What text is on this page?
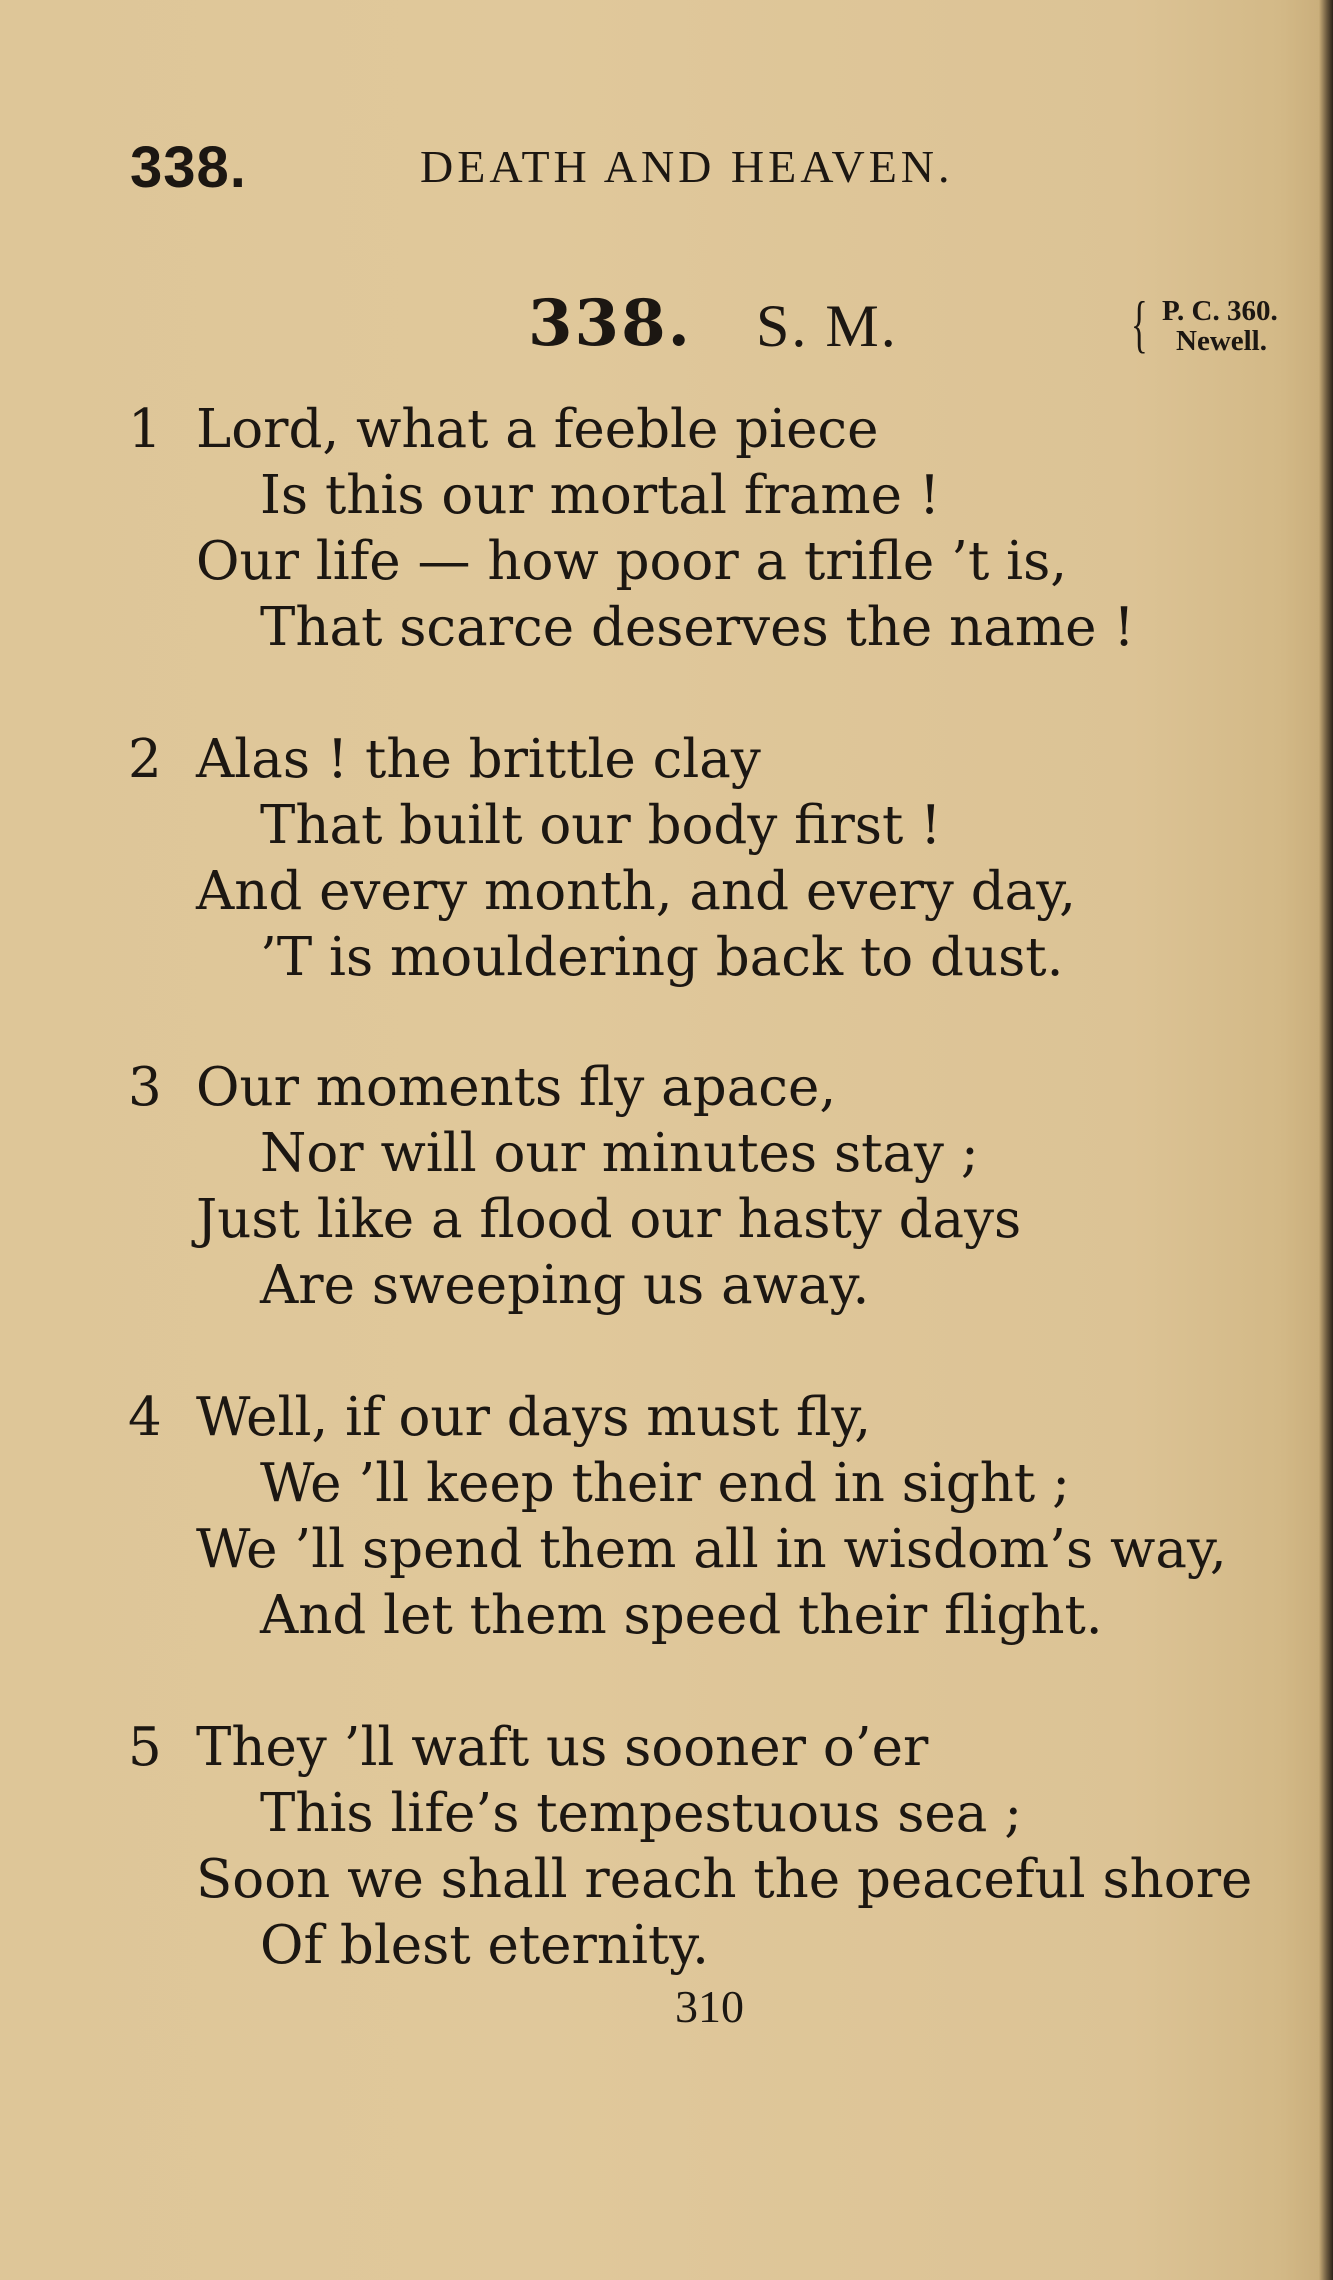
338.	DEATH AND HEAVEN.
338. S. M.	{ P. C. 360.
Newell.
1 Lord, what a feeble piece
Is this our mortal frame !
Our life — how poor a trifle ’t is,
That scarce deserves the name !
2 Alas ! the brittle clay
That built our body first !
And every month, and every day,
’T is mouldering back to dust.
3 Our moments fly apace,
Nor will our minutes stay ;
Just like a flood our hasty days
Are sweeping us away.
4 Well, if our days must fly,
We ’ll keep their end in sight ;
We ’ll spend them all in wisdom’s way,
And let them speed their flight.
5 They ’ll waft us sooner o’er
This life’s tempestuous sea ;
Soon we shall reach the peaceful shore
Of blest eternity.
310
